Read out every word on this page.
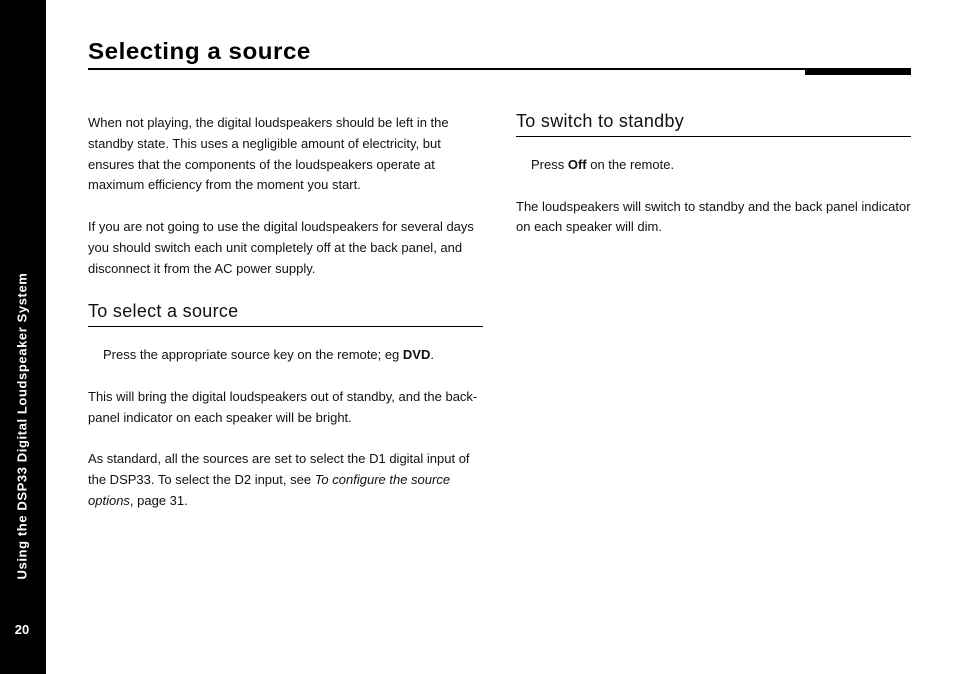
Using the DSP33 Digital Loudspeaker System
20
Selecting a source

When not playing, the digital loudspeakers should be left in the standby state. This uses a negligible amount of electricity, but ensures that the components of the loudspeakers operate at maximum efficiency from the moment you start.

If you are not going to use the digital loudspeakers for several days you should switch each unit completely off at the back panel, and disconnect it from the AC power supply.

To select a source

Press the appropriate source key on the remote; eg DVD.

This will bring the digital loudspeakers out of standby, and the back-panel indicator on each speaker will be bright.

As standard, all the sources are set to select the D1 digital input of the DSP33. To select the D2 input, see To configure the source options, page 31.

To switch to standby

Press Off on the remote.

The loudspeakers will switch to standby and the back panel indicator on each speaker will dim.
